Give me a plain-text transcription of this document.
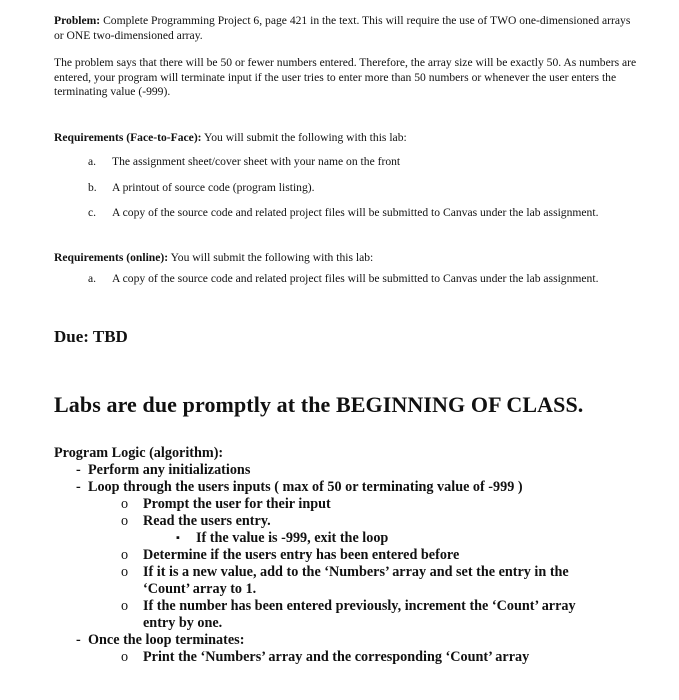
Problem: Complete Programming Project 6, page 421 in the text. This will require the use of TWO one-dimensioned arrays or ONE two-dimensioned array.
The problem says that there will be 50 or fewer numbers entered. Therefore, the array size will be exactly 50. As numbers are entered, your program will terminate input if the user tries to enter more than 50 numbers or whenever the user enters the terminating value (-999).
Requirements (Face-to-Face): You will submit the following with this lab:
a. The assignment sheet/cover sheet with your name on the front
b. A printout of source code (program listing).
c. A copy of the source code and related project files will be submitted to Canvas under the lab assignment.
Requirements (online): You will submit the following with this lab:
a. A copy of the source code and related project files will be submitted to Canvas under the lab assignment.
Due: TBD
Labs are due promptly at the BEGINNING OF CLASS.
Program Logic (algorithm):
- Perform any initializations
- Loop through the users inputs ( max of 50 or terminating value of -999 )
o Prompt the user for their input
o Read the users entry.
▪ If the value is -999, exit the loop
o Determine if the users entry has been entered before
o If it is a new value, add to the ‘Numbers’ array and set the entry in the
‘Count’ array to 1.
o If the number has been entered previously, increment the ‘Count’ array
entry by one.
- Once the loop terminates:
o Print the ‘Numbers’ array and the corresponding ‘Count’ array
